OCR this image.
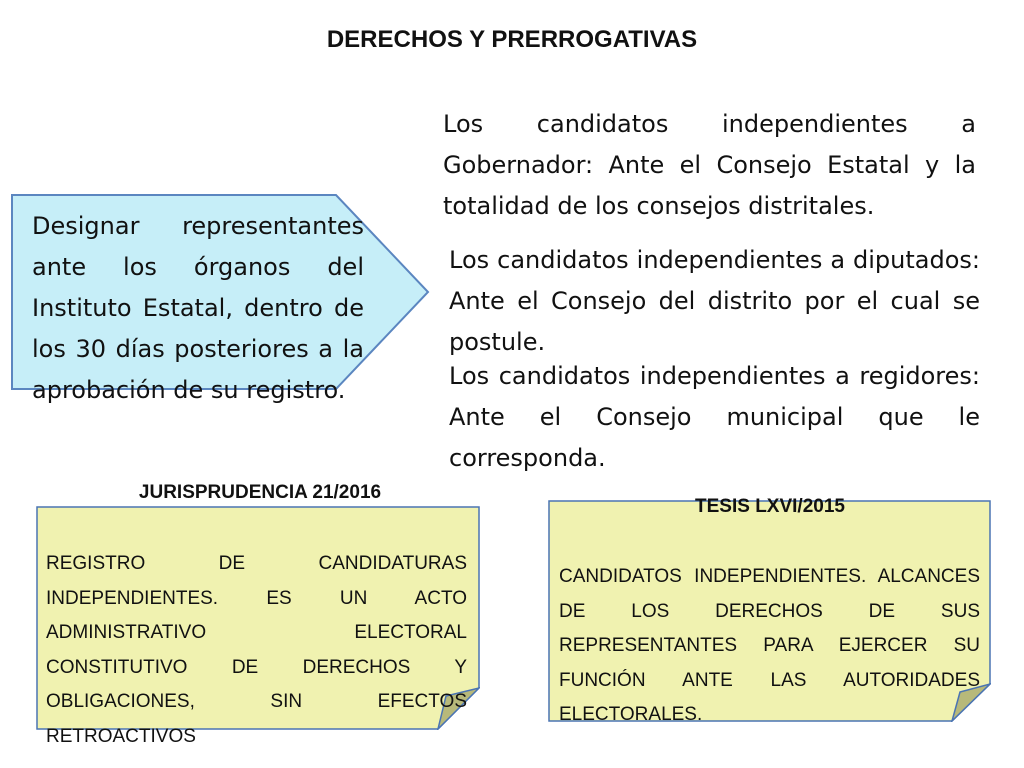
DERECHOS Y PRERROGATIVAS

Los candidatos independientes a Gobernador: Ante el Consejo Estatal y la totalidad de los consejos distritales.

Los candidatos independientes a diputados: Ante el Consejo del distrito por el cual se postule.

Los candidatos independientes a regidores: Ante el Consejo municipal que le corresponda.

Designar representantes ante los órganos del Instituto Estatal, dentro de los 30 días posteriores a la aprobación de su registro.

JURISPRUDENCIA 21/2016

REGISTRO DE CANDIDATURAS INDEPENDIENTES. ES UN ACTO ADMINISTRATIVO ELECTORAL CONSTITUTIVO DE DERECHOS Y OBLIGACIONES, SIN EFECTOS RETROACTIVOS

TESIS LXVI/2015

CANDIDATOS INDEPENDIENTES. ALCANCES DE LOS DERECHOS DE SUS REPRESENTANTES PARA EJERCER SU FUNCIÓN ANTE LAS AUTORIDADES ELECTORALES.
